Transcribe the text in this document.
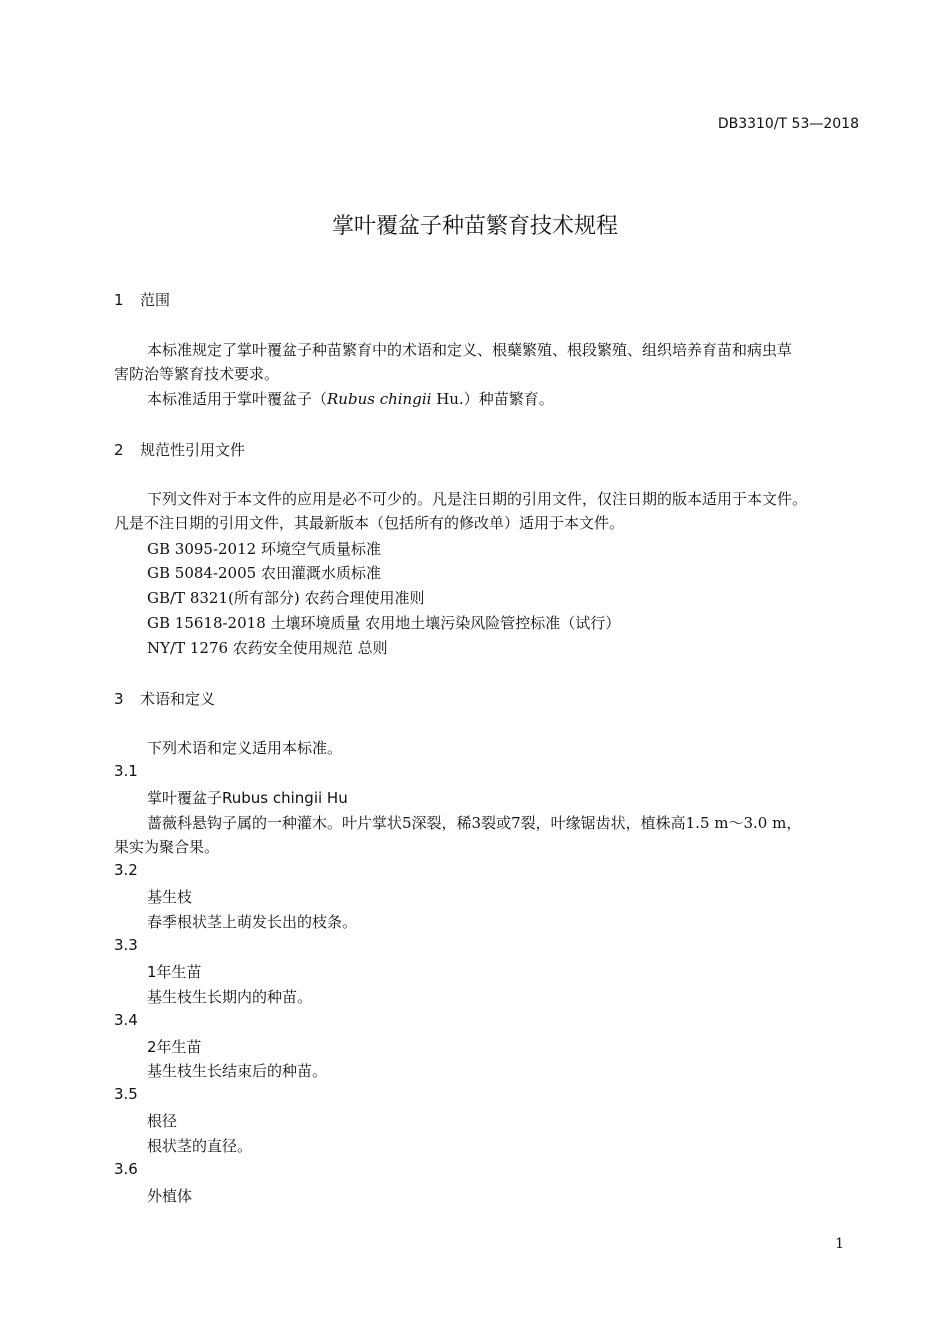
DB3310/T 53—2018
掌叶覆盆子种苗繁育技术规程
1 范围
本标准规定了掌叶覆盆子种苗繁育中的术语和定义、根蘖繁殖、根段繁殖、组织培养育苗和病虫草
害防治等繁育技术要求。
本标准适用于掌叶覆盆子（Rubus chingii Hu.）种苗繁育。
2 规范性引用文件
下列文件对于本文件的应用是必不可少的。凡是注日期的引用文件，仅注日期的版本适用于本文件。
凡是不注日期的引用文件，其最新版本（包括所有的修改单）适用于本文件。
GB 3095-2012 环境空气质量标准
GB 5084-2005 农田灌溉水质标准
GB/T 8321(所有部分) 农药合理使用准则
GB 15618-2018 土壤环境质量 农用地土壤污染风险管控标准（试行）
NY/T 1276 农药安全使用规范 总则
3 术语和定义
下列术语和定义适用本标准。
3.1
掌叶覆盆子Rubus chingii Hu
蔷薇科悬钩子属的一种灌木。叶片掌状5深裂，稀3裂或7裂，叶缘锯齿状，植株高1.5 m～3.0 m，
果实为聚合果。
3.2
基生枝
春季根状茎上萌发长出的枝条。
3.3
1年生苗
基生枝生长期内的种苗。
3.4
2年生苗
基生枝生长结束后的种苗。
3.5
根径
根状茎的直径。
3.6
外植体
1
